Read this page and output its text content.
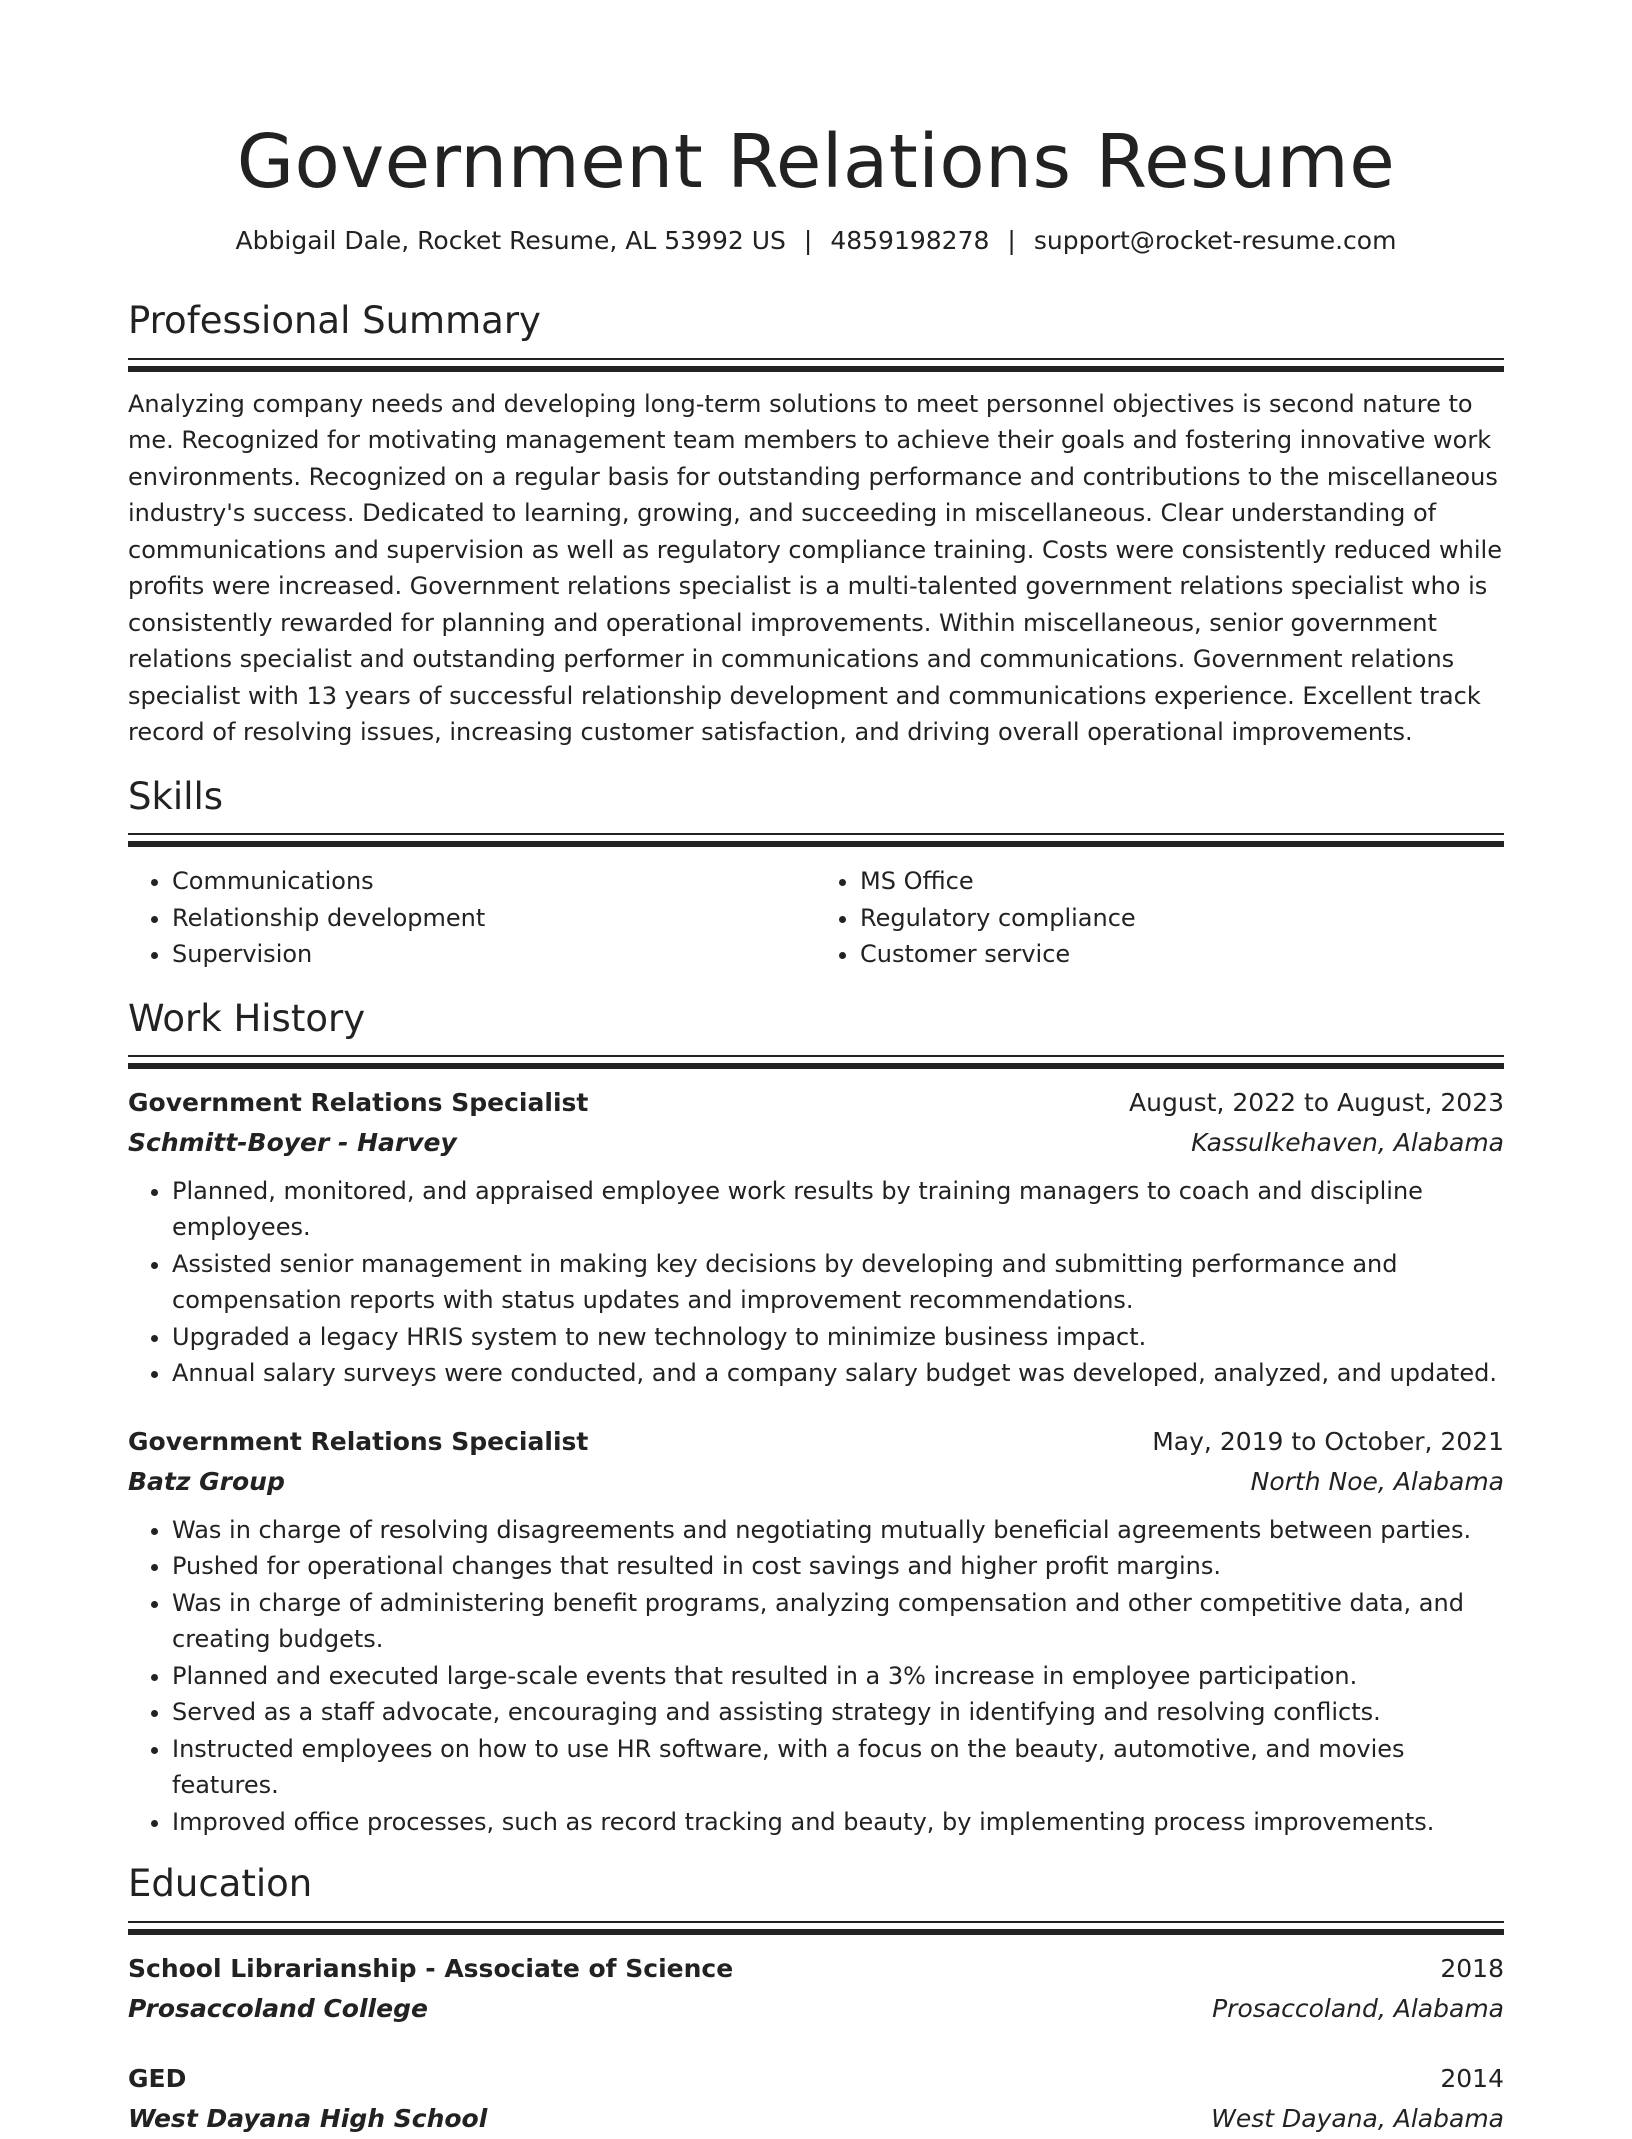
Government Relations Resume
Abbigail Dale, Rocket Resume, AL 53992 US | 4859198278 | support@rocket-resume.com
Professional Summary

Analyzing company needs and developing long-term solutions to meet personnel objectives is second nature to me. Recognized for motivating management team members to achieve their goals and fostering innovative work environments. Recognized on a regular basis for outstanding performance and contributions to the miscellaneous industry's success. Dedicated to learning, growing, and succeeding in miscellaneous. Clear understanding of communications and supervision as well as regulatory compliance training. Costs were consistently reduced while profits were increased. Government relations specialist is a multi-talented government relations specialist who is consistently rewarded for planning and operational improvements. Within miscellaneous, senior government relations specialist and outstanding performer in communications and communications. Government relations specialist with 13 years of successful relationship development and communications experience. Excellent track record of resolving issues, increasing customer satisfaction, and driving overall operational improvements.

Skills
• Communications
• Relationship development
• Supervision
• MS Office
• Regulatory compliance
• Customer service
Work History
Government Relations Specialist	August, 2022 to August, 2023
Schmitt-Boyer - Harvey	Kassulkehaven, Alabama
• Planned, monitored, and appraised employee work results by training managers to coach and discipline employees.
• Assisted senior management in making key decisions by developing and submitting performance and compensation reports with status updates and improvement recommendations.
• Upgraded a legacy HRIS system to new technology to minimize business impact.
• Annual salary surveys were conducted, and a company salary budget was developed, analyzed, and updated.
Government Relations Specialist	May, 2019 to October, 2021
Batz Group	North Noe, Alabama
• Was in charge of resolving disagreements and negotiating mutually beneficial agreements between parties.
• Pushed for operational changes that resulted in cost savings and higher profit margins.
• Was in charge of administering benefit programs, analyzing compensation and other competitive data, and creating budgets.
• Planned and executed large-scale events that resulted in a 3% increase in employee participation.
• Served as a staff advocate, encouraging and assisting strategy in identifying and resolving conflicts.
• Instructed employees on how to use HR software, with a focus on the beauty, automotive, and movies features.
• Improved office processes, such as record tracking and beauty, by implementing process improvements.
Education
School Librarianship - Associate of Science	2018
Prosaccoland College	Prosaccoland, Alabama
GED	2014
West Dayana High School	West Dayana, Alabama
